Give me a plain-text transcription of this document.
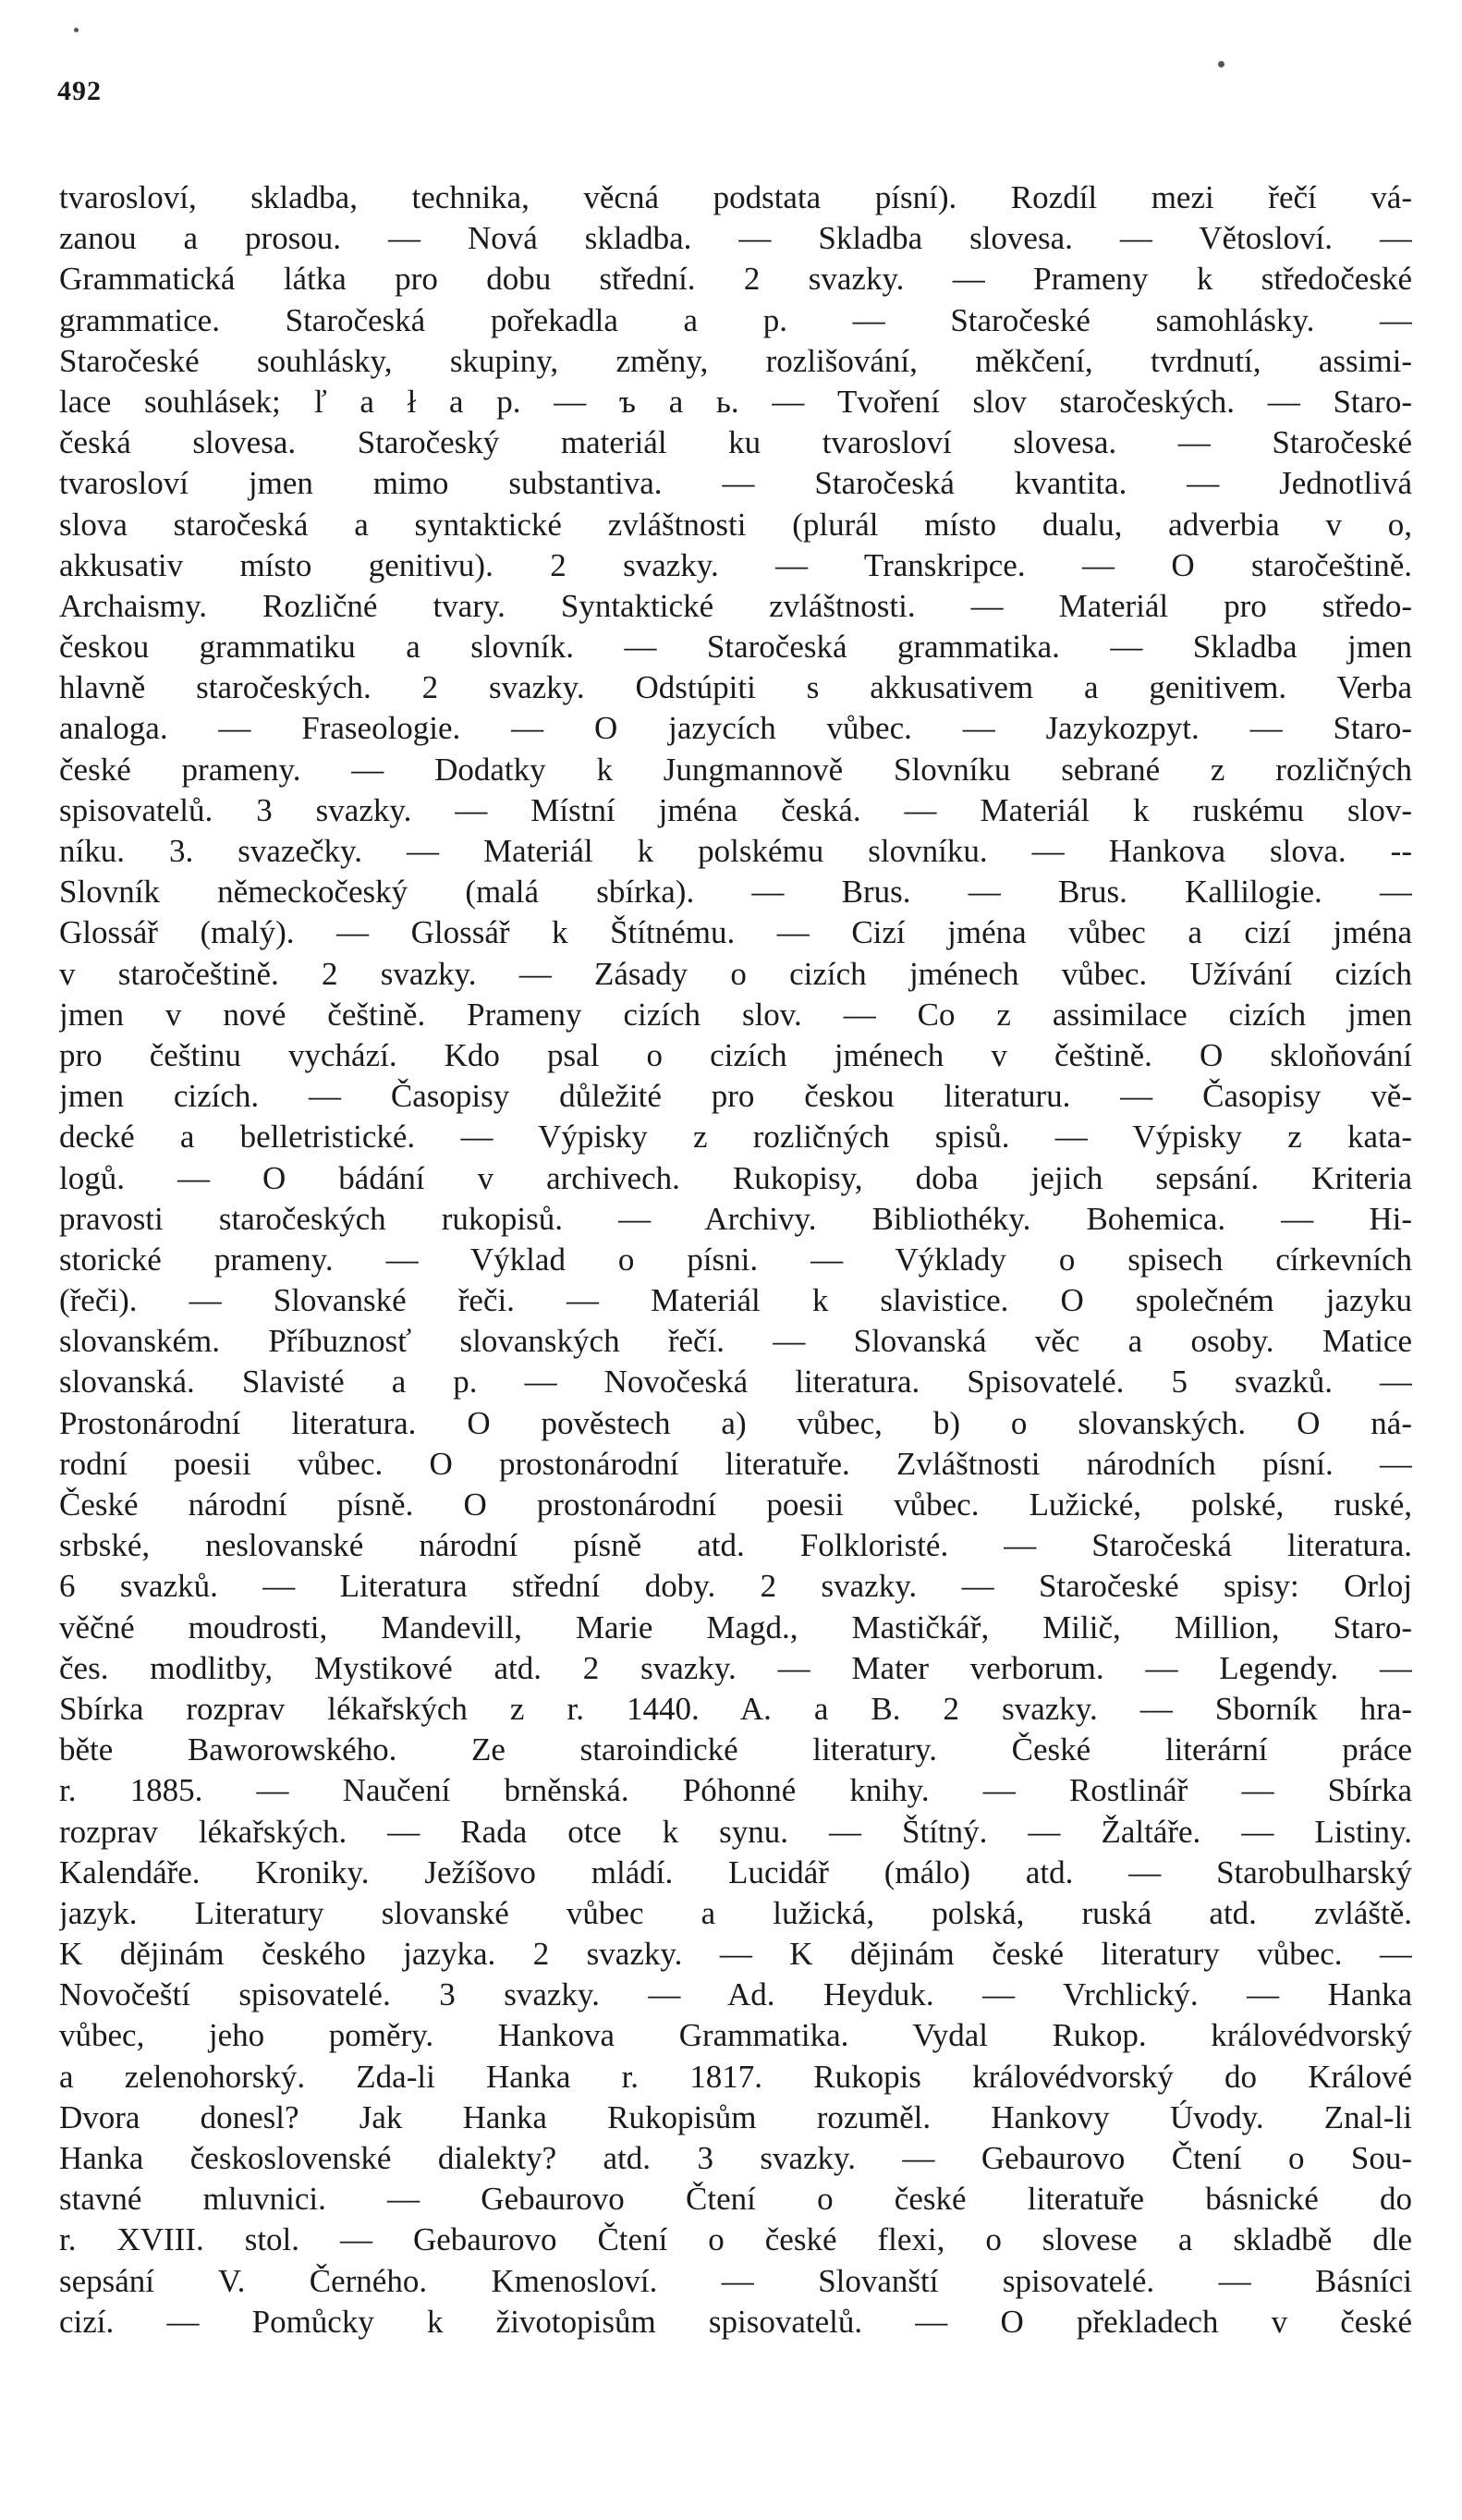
492
tvarosloví, skladba, technika, věcná podstata písní). Rozdíl mezi řečí vá-
zanou a prosou. — Nová skladba. — Skladba slovesa. — Větosloví. —
Grammatická látka pro dobu střední. 2 svazky. — Prameny k středočeské
grammatice. Staročeská pořekadla a p. — Staročeské samohlásky. —
Staročeské souhlásky, skupiny, změny, rozlišování, měkčení, tvrdnutí, assimi-
lace souhlásek; ľ a ł a p. — ъ a ь. — Tvoření slov staročeských. — Staro-
česká slovesa. Staročeský materiál ku tvarosloví slovesa. — Staročeské
tvarosloví jmen mimo substantiva. — Staročeská kvantita. — Jednotlivá
slova staročeská a syntaktické zvláštnosti (plurál místo dualu, adverbia v o,
akkusativ místo genitivu). 2 svazky. — Transkripce. — O staročeštině.
Archaismy. Rozličné tvary. Syntaktické zvláštnosti. — Materiál pro středo-
českou grammatiku a slovník. — Staročeská grammatika. — Skladba jmen
hlavně staročeských. 2 svazky. Odstúpiti s akkusativem a genitivem. Verba
analoga. — Fraseologie. — O jazycích vůbec. — Jazykozpyt. — Staro-
české prameny. — Dodatky k Jungmannově Slovníku sebrané z rozličných
spisovatelů. 3 svazky. — Místní jména česká. — Materiál k ruskému slov-
níku. 3. svazečky. — Materiál k polskému slovníku. — Hankova slova. --
Slovník německočeský (malá sbírka). — Brus. — Brus. Kallilogie. —
Glossář (malý). — Glossář k Štítnému. — Cizí jména vůbec a cizí jména
v staročeštině. 2 svazky. — Zásady o cizích jménech vůbec. Užívání cizích
jmen v nové češtině. Prameny cizích slov. — Co z assimilace cizích jmen
pro češtinu vychází. Kdo psal o cizích jménech v češtině. O skloňování
jmen cizích. — Časopisy důležité pro českou literaturu. — Časopisy vě-
decké a belletristické. — Výpisky z rozličných spisů. — Výpisky z kata-
logů. — O bádání v archivech. Rukopisy, doba jejich sepsání. Kriteria
pravosti staročeských rukopisů. — Archivy. Bibliothéky. Bohemica. — Hi-
storické prameny. — Výklad o písni. — Výklady o spisech církevních
(řeči). — Slovanské řeči. — Materiál k slavistice. O společném jazyku
slovanském. Příbuznosť slovanských řečí. — Slovanská věc a osoby. Matice
slovanská. Slavisté a p. — Novočeská literatura. Spisovatelé. 5 svazků. —
Prostonárodní literatura. O pověstech a) vůbec, b) o slovanských. O ná-
rodní poesii vůbec. O prostonárodní literatuře. Zvláštnosti národních písní. —
České národní písně. O prostonárodní poesii vůbec. Lužické, polské, ruské,
srbské, neslovanské národní písně atd. Folkloristé. — Staročeská literatura.
6 svazků. — Literatura střední doby. 2 svazky. — Staročeské spisy: Orloj
věčné moudrosti, Mandevill, Marie Magd., Mastičkář, Milič, Million, Staro-
čes. modlitby, Mystikové atd. 2 svazky. — Mater verborum. — Legendy. —
Sbírka rozprav lékařských z r. 1440. A. a B. 2 svazky. — Sborník hra-
běte Baworowského. Ze staroindické literatury. České literární práce
r. 1885. — Naučení brněnská. Póhonné knihy. — Rostlinář — Sbírka
rozprav lékařských. — Rada otce k synu. — Štítný. — Žaltáře. — Listiny.
Kalendáře. Kroniky. Ježíšovo mládí. Lucidář (málo) atd. — Starobulharský
jazyk. Literatury slovanské vůbec a lužická, polská, ruská atd. zvláště.
K dějinám českého jazyka. 2 svazky. — K dějinám české literatury vůbec. —
Novočeští spisovatelé. 3 svazky. — Ad. Heyduk. — Vrchlický. — Hanka
vůbec, jeho poměry. Hankova Grammatika. Vydal Rukop. královédvorský
a zelenohorský. Zda-li Hanka r. 1817. Rukopis královédvorský do Králové
Dvora donesl? Jak Hanka Rukopisům rozuměl. Hankovy Úvody. Znal-li
Hanka československé dialekty? atd. 3 svazky. — Gebaurovo Čtení o Sou-
stavné mluvnici. — Gebaurovo Čtení o české literatuře básnické do
r. XVIII. stol. — Gebaurovo Čtení o české flexi, o slovese a skladbě dle
sepsání V. Černého. Kmenosloví. — Slovanští spisovatelé. — Básníci
cizí. — Pomůcky k životopisům spisovatelů. — O překladech v české
